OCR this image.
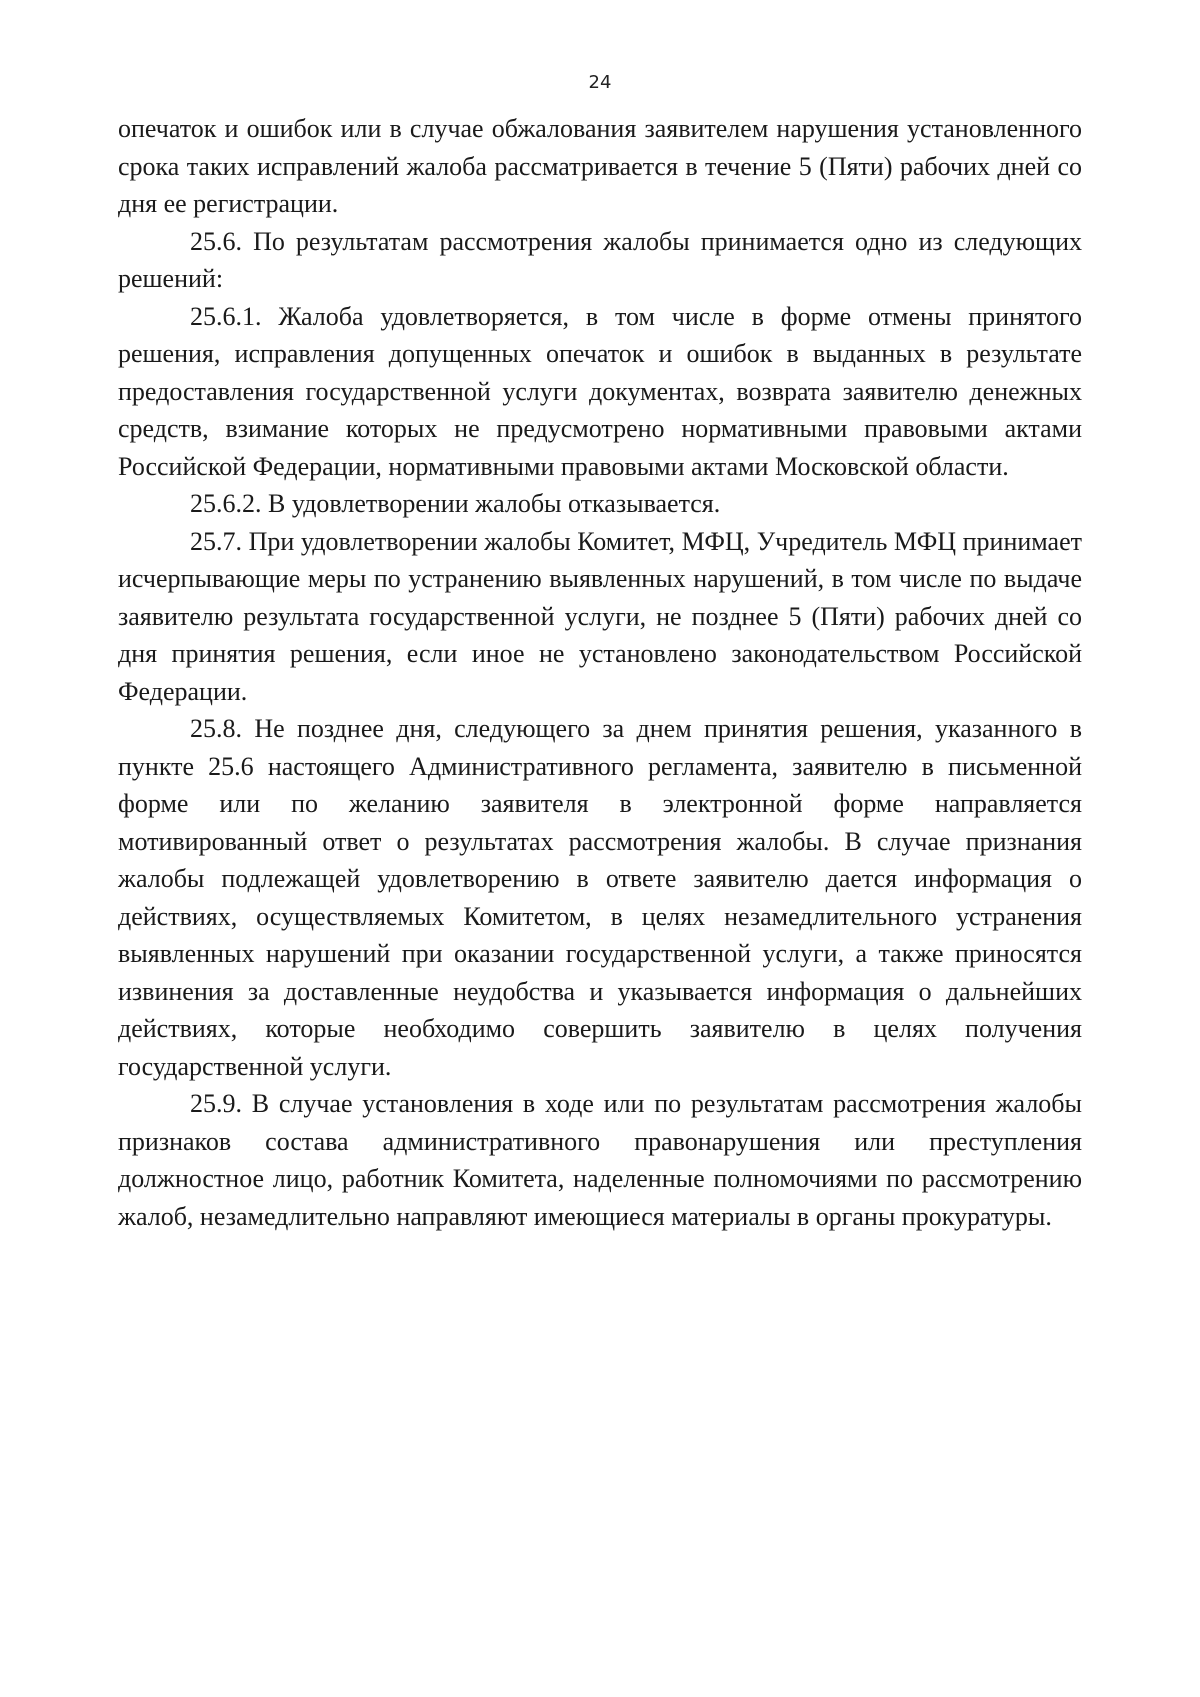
24

опечаток и ошибок или в случае обжалования заявителем нарушения установленного срока таких исправлений жалоба рассматривается в течение 5 (Пяти) рабочих дней со дня ее регистрации.

25.6. По результатам рассмотрения жалобы принимается одно из следующих решений:

25.6.1. Жалоба удовлетворяется, в том числе в форме отмены принятого решения, исправления допущенных опечаток и ошибок в выданных в результате предоставления государственной услуги документах, возврата заявителю денежных средств, взимание которых не предусмотрено нормативными правовыми актами Российской Федерации, нормативными правовыми актами Московской области.

25.6.2. В удовлетворении жалобы отказывается.

25.7. При удовлетворении жалобы Комитет, МФЦ, Учредитель МФЦ принимает исчерпывающие меры по устранению выявленных нарушений, в том числе по выдаче заявителю результата государственной услуги, не позднее 5 (Пяти) рабочих дней со дня принятия решения, если иное не установлено законодательством Российской Федерации.

25.8. Не позднее дня, следующего за днем принятия решения, указанного в пункте 25.6 настоящего Административного регламента, заявителю в письменной форме или по желанию заявителя в электронной форме направляется мотивированный ответ о результатах рассмотрения жалобы. В случае признания жалобы подлежащей удовлетворению в ответе заявителю дается информация о действиях, осуществляемых Комитетом, в целях незамедлительного устранения выявленных нарушений при оказании государственной услуги, а также приносятся извинения за доставленные неудобства и указывается информация о дальнейших действиях, которые необходимо совершить заявителю в целях получения государственной услуги.

25.9. В случае установления в ходе или по результатам рассмотрения жалобы признаков состава административного правонарушения или преступления должностное лицо, работник Комитета, наделенные полномочиями по рассмотрению жалоб, незамедлительно направляют имеющиеся материалы в органы прокуратуры.
